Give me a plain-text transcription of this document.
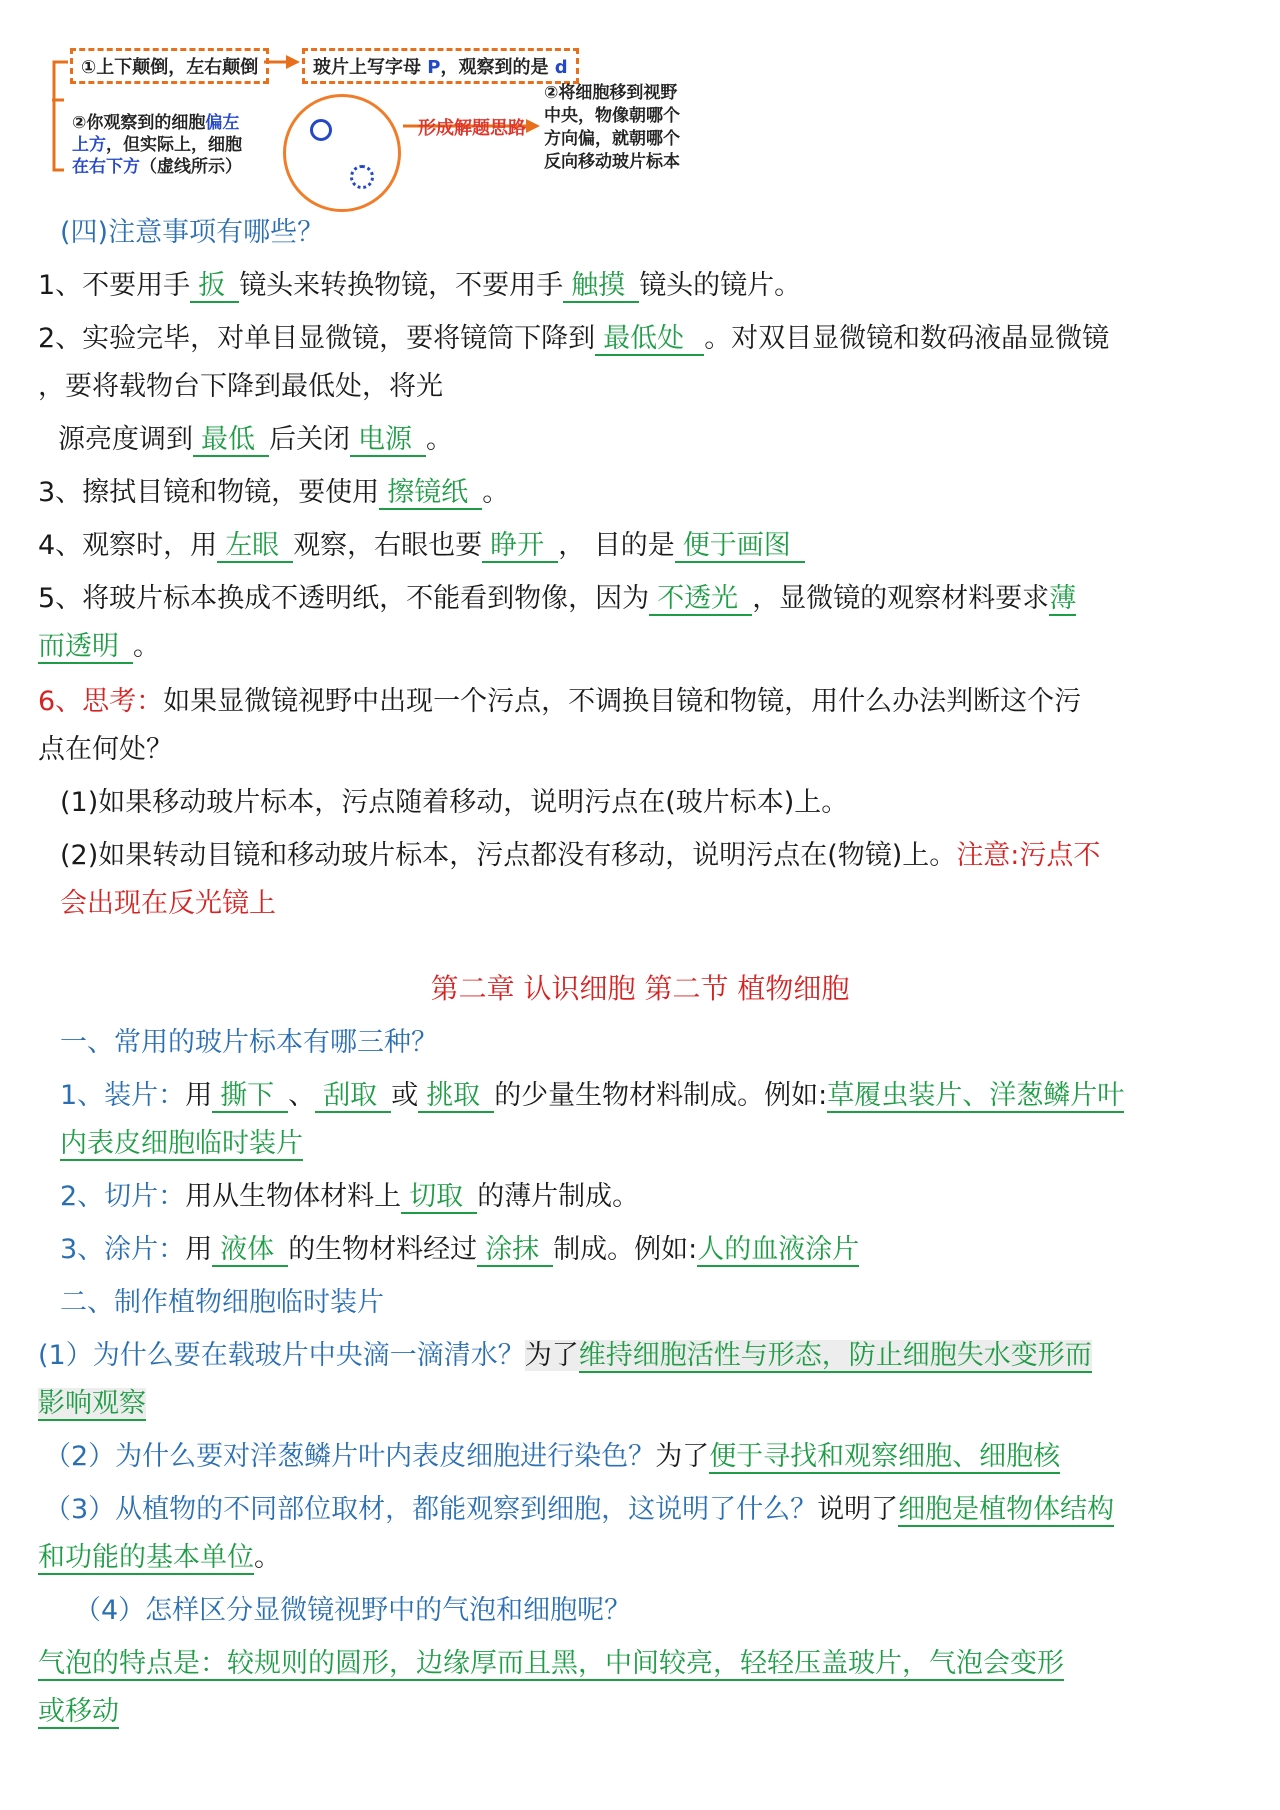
①上下颠倒，左右颠倒	玻片上写字母 P，观察到的是 d
②你观察到的细胞偏左
上方，但实际上，细胞
在右下方（虚线所示）
形成解题思路
②将细胞移到视野
中央，物像朝哪个
方向偏，就朝哪个
反向移动玻片标本
(四)注意事项有哪些？
1、不要用手 扳 镜头来转换物镜，不要用手 触摸 镜头的镜片。
2、实验完毕，对单目显微镜，要将镜筒下降到 最低处 。对双目显微镜和数码液晶显微镜
，要将载物台下降到最低处，将光
源亮度调到 最低 后关闭 电源 。
3、擦拭目镜和物镜，要使用 擦镜纸 。
4、观察时，用 左眼 观察，右眼也要 睁开 ， 目的是 便于画图
5、将玻片标本换成不透明纸，不能看到物像，因为 不透光 ，显微镜的观察材料要求薄
而透明 。
6、思考：如果显微镜视野中出现一个污点，不调换目镜和物镜，用什么办法判断这个污
点在何处？
(1)如果移动玻片标本，污点随着移动，说明污点在(玻片标本)上。
(2)如果转动目镜和移动玻片标本，污点都没有移动，说明污点在(物镜)上。注意:污点不
会出现在反光镜上
第二章 认识细胞 第二节 植物细胞
一、常用的玻片标本有哪三种？
1、装片：用 撕下 、 刮取 或 挑取 的少量生物材料制成。例如:草履虫装片、洋葱鳞片叶
内表皮细胞临时装片
2、切片：用从生物体材料上 切取 的薄片制成。
3、涂片：用 液体 的生物材料经过 涂抹 制成。例如:人的血液涂片
二、制作植物细胞临时装片
(1）为什么要在载玻片中央滴一滴清水？为了维持细胞活性与形态，防止细胞失水变形而
影响观察
（2）为什么要对洋葱鳞片叶内表皮细胞进行染色？为了便于寻找和观察细胞、细胞核
（3）从植物的不同部位取材，都能观察到细胞，这说明了什么？说明了细胞是植物体结构
和功能的基本单位。
（4）怎样区分显微镜视野中的气泡和细胞呢？
气泡的特点是：较规则的圆形，边缘厚而且黑，中间较亮，轻轻压盖玻片，气泡会变形
或移动
